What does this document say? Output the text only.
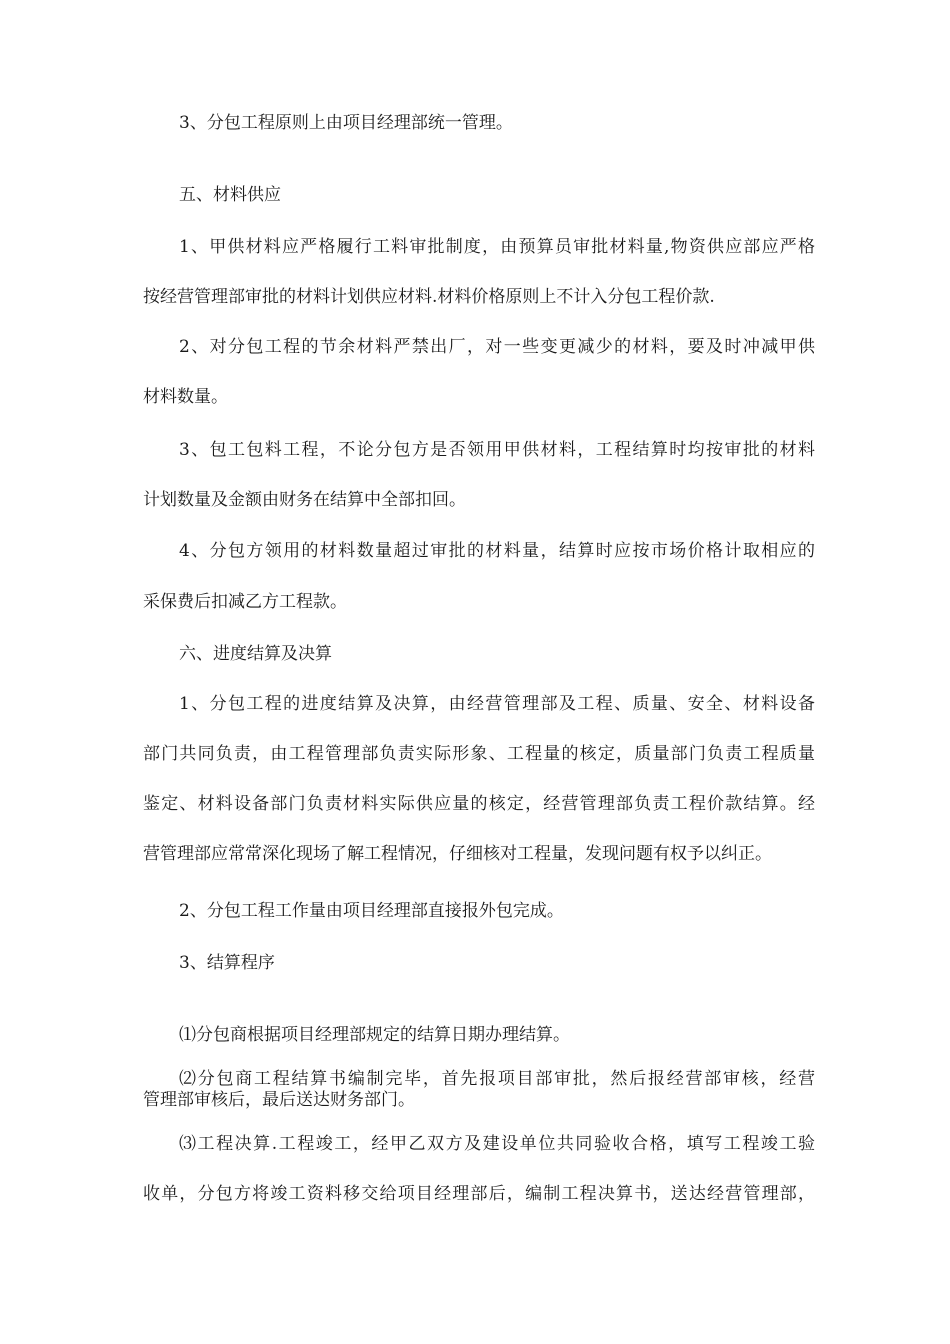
3、分包工程原则上由项目经理部统一管理。
五、材料供应
1、甲供材料应严格履行工料审批制度，由预算员审批材料量,物资供应部应严格
按经营管理部审批的材料计划供应材料.材料价格原则上不计入分包工程价款.
2、对分包工程的节余材料严禁出厂，对一些变更减少的材料，要及时冲减甲供
材料数量。
3、包工包料工程，不论分包方是否领用甲供材料，工程结算时均按审批的材料
计划数量及金额由财务在结算中全部扣回。
4、分包方领用的材料数量超过审批的材料量，结算时应按市场价格计取相应的
采保费后扣减乙方工程款。
六、进度结算及决算
1、分包工程的进度结算及决算，由经营管理部及工程、质量、安全、材料设备
部门共同负责，由工程管理部负责实际形象、工程量的核定，质量部门负责工程质量
鉴定、材料设备部门负责材料实际供应量的核定，经营管理部负责工程价款结算。经
营管理部应常常深化现场了解工程情况，仔细核对工程量，发现问题有权予以纠正。
2、分包工程工作量由项目经理部直接报外包完成。
3、结算程序
⑴分包商根据项目经理部规定的结算日期办理结算。
⑵分包商工程结算书编制完毕，首先报项目部审批，然后报经营部审核，经营
管理部审核后，最后送达财务部门。
⑶工程决算.工程竣工，经甲乙双方及建设单位共同验收合格，填写工程竣工验
收单，分包方将竣工资料移交给项目经理部后，编制工程决算书，送达经营管理部，
